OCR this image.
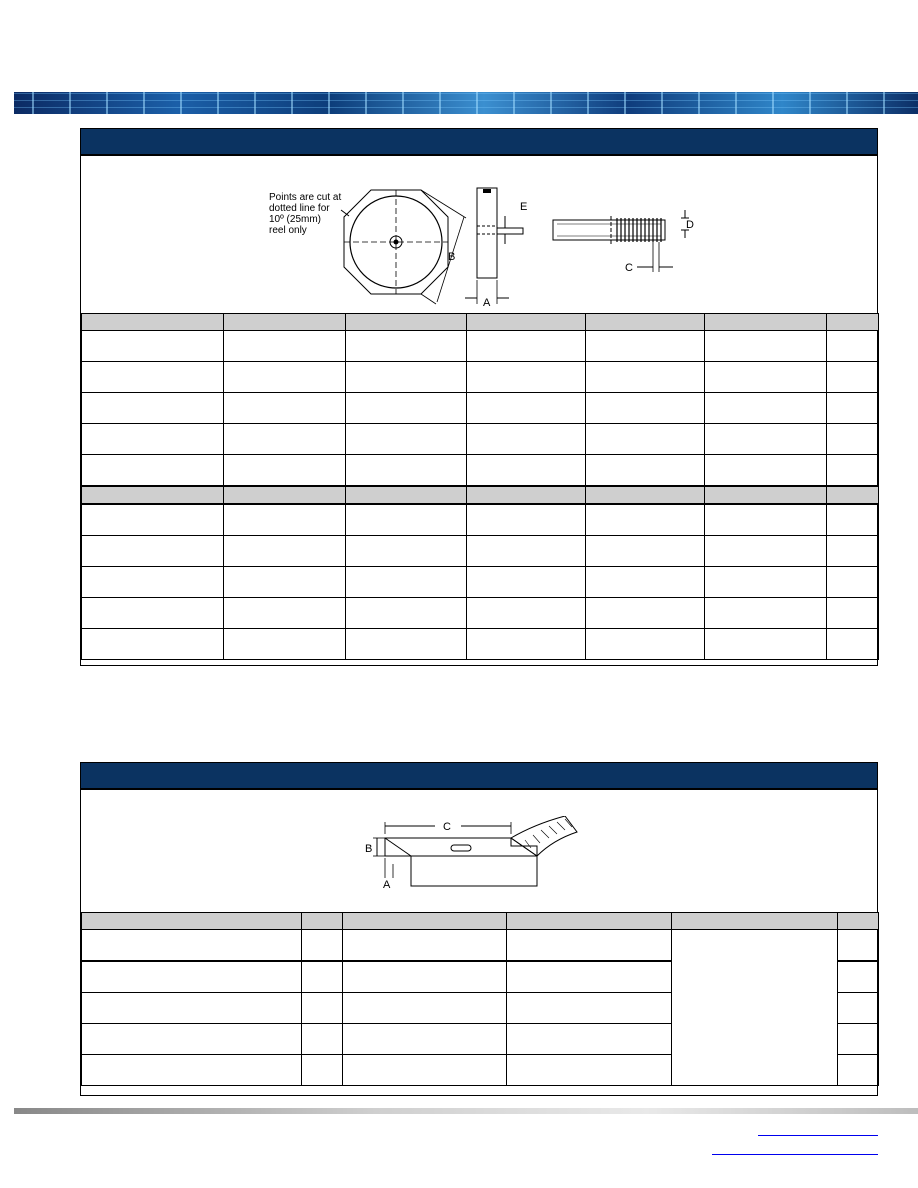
Points are cut at
dotted line for
10º (25mm)
reel only
B
A
E
D
C

C
B
A
